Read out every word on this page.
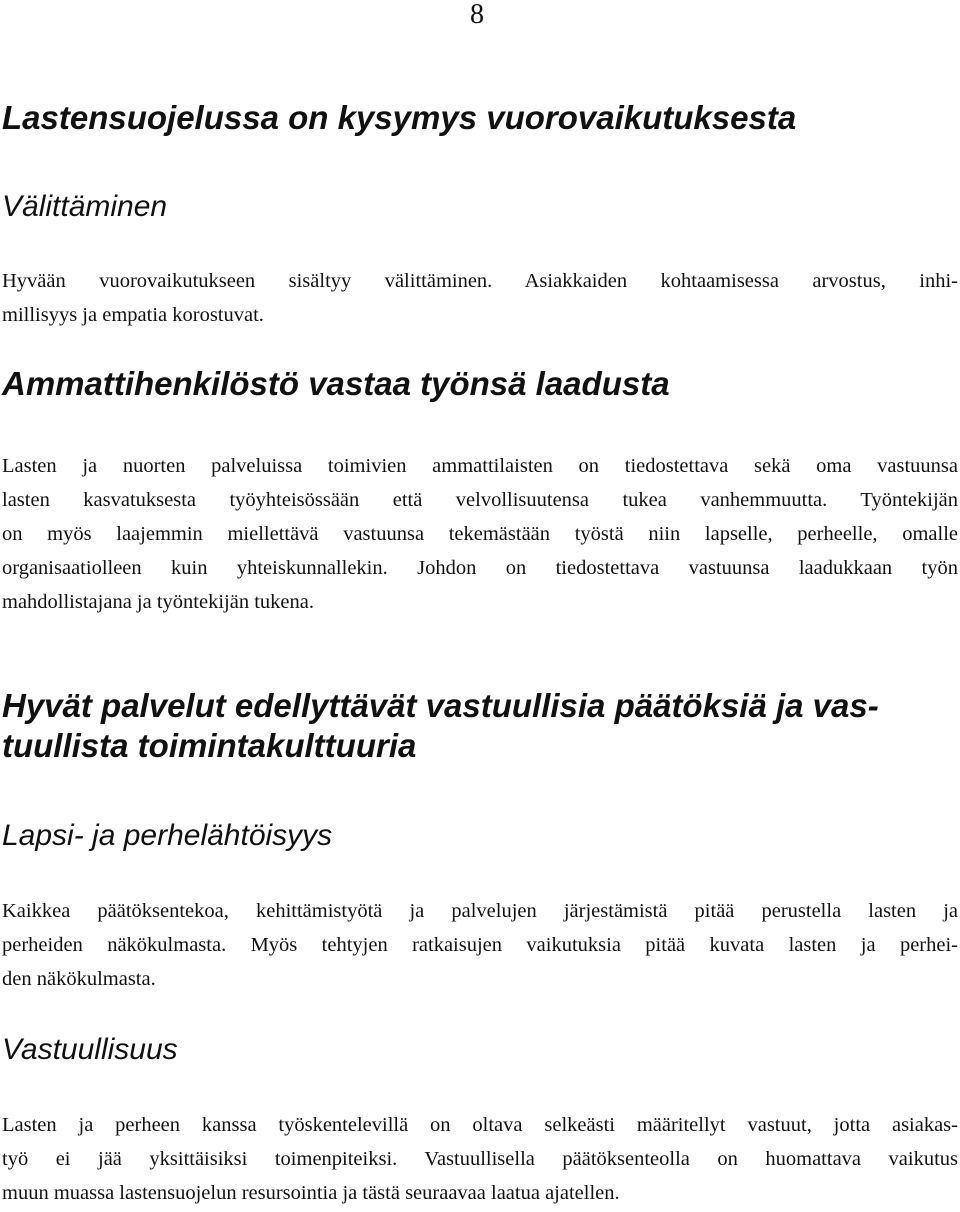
8
Lastensuojelussa on kysymys vuorovaikutuksesta
Välittäminen
Hyvään vuorovaikutukseen sisältyy välittäminen. Asiakkaiden kohtaamisessa arvostus, inhi-
millisyys ja empatia korostuvat.
Ammattihenkilöstö vastaa työnsä laadusta
Lasten ja nuorten palveluissa toimivien ammattilaisten on tiedostettava sekä oma vastuunsa
lasten kasvatuksesta työyhteisössään että velvollisuutensa tukea vanhemmuutta. Työntekijän
on myös laajemmin miellettävä vastuunsa tekemästään työstä niin lapselle, perheelle, omalle
organisaatiolleen kuin yhteiskunnallekin. Johdon on tiedostettava vastuunsa laadukkaan työn
mahdollistajana ja työntekijän tukena.
Hyvät palvelut edellyttävät vastuullisia päätöksiä ja vas-
tuullista toimintakulttuuria
Lapsi- ja perhelähtöisyys
Kaikkea päätöksentekoa, kehittämistyötä ja palvelujen järjestämistä pitää perustella lasten ja
perheiden näkökulmasta. Myös tehtyjen ratkaisujen vaikutuksia pitää kuvata lasten ja perhei-
den näkökulmasta.
Vastuullisuus
Lasten ja perheen kanssa työskentelevillä on oltava selkeästi määritellyt vastuut, jotta asiakas-
työ ei jää yksittäisiksi toimenpiteiksi. Vastuullisella päätöksenteolla on huomattava vaikutus
muun muassa lastensuojelun resursointia ja tästä seuraavaa laatua ajatellen.
